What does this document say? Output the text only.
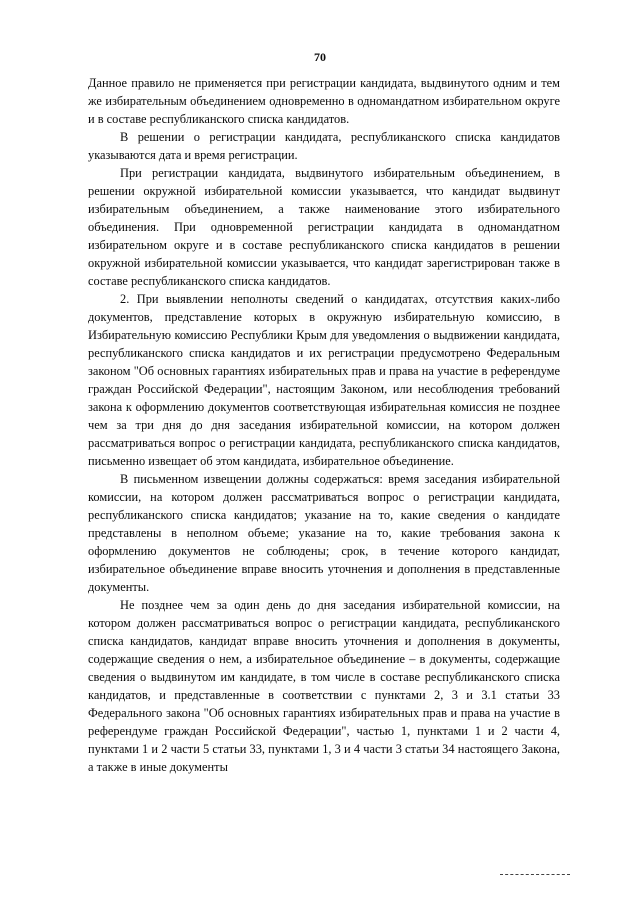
70

Данное правило не применяется при регистрации кандидата, выдвинутого одним и тем же избирательным объединением одновременно в одномандатном избирательном округе и в составе республиканского списка кандидатов.

В решении о регистрации кандидата, республиканского списка кандидатов указываются дата и время регистрации.

При регистрации кандидата, выдвинутого избирательным объединением, в решении окружной избирательной комиссии указывается, что кандидат выдвинут избирательным объединением, а также наименование этого избирательного объединения. При одновременной регистрации кандидата в одномандатном избирательном округе и в составе республиканского списка кандидатов в решении окружной избирательной комиссии указывается, что кандидат зарегистрирован также в составе республиканского списка кандидатов.

2. При выявлении неполноты сведений о кандидатах, отсутствия каких-либо документов, представление которых в окружную избирательную комиссию, в Избирательную комиссию Республики Крым для уведомления о выдвижении кандидата, республиканского списка кандидатов и их регистрации предусмотрено Федеральным законом "Об основных гарантиях избирательных прав и права на участие в референдуме граждан Российской Федерации", настоящим Законом, или несоблюдения требований закона к оформлению документов соответствующая избирательная комиссия не позднее чем за три дня до дня заседания избирательной комиссии, на котором должен рассматриваться вопрос о регистрации кандидата, республиканского списка кандидатов, письменно извещает об этом кандидата, избирательное объединение.

В письменном извещении должны содержаться: время заседания избирательной комиссии, на котором должен рассматриваться вопрос о регистрации кандидата, республиканского списка кандидатов; указание на то, какие сведения о кандидате представлены в неполном объеме; указание на то, какие требования закона к оформлению документов не соблюдены; срок, в течение которого кандидат, избирательное объединение вправе вносить уточнения и дополнения в представленные документы.

Не позднее чем за один день до дня заседания избирательной комиссии, на котором должен рассматриваться вопрос о регистрации кандидата, республиканского списка кандидатов, кандидат вправе вносить уточнения и дополнения в документы, содержащие сведения о нем, а избирательное объединение – в документы, содержащие сведения о выдвинутом им кандидате, в том числе в составе республиканского списка кандидатов, и представленные в соответствии с пунктами 2, 3 и 3.1 статьи 33 Федерального закона "Об основных гарантиях избирательных прав и права на участие в референдуме граждан Российской Федерации", частью 1, пунктами 1 и 2 части 4, пунктами 1 и 2 части 5 статьи 33, пунктами 1, 3 и 4 части 3 статьи 34 настоящего Закона, а также в иные документы
